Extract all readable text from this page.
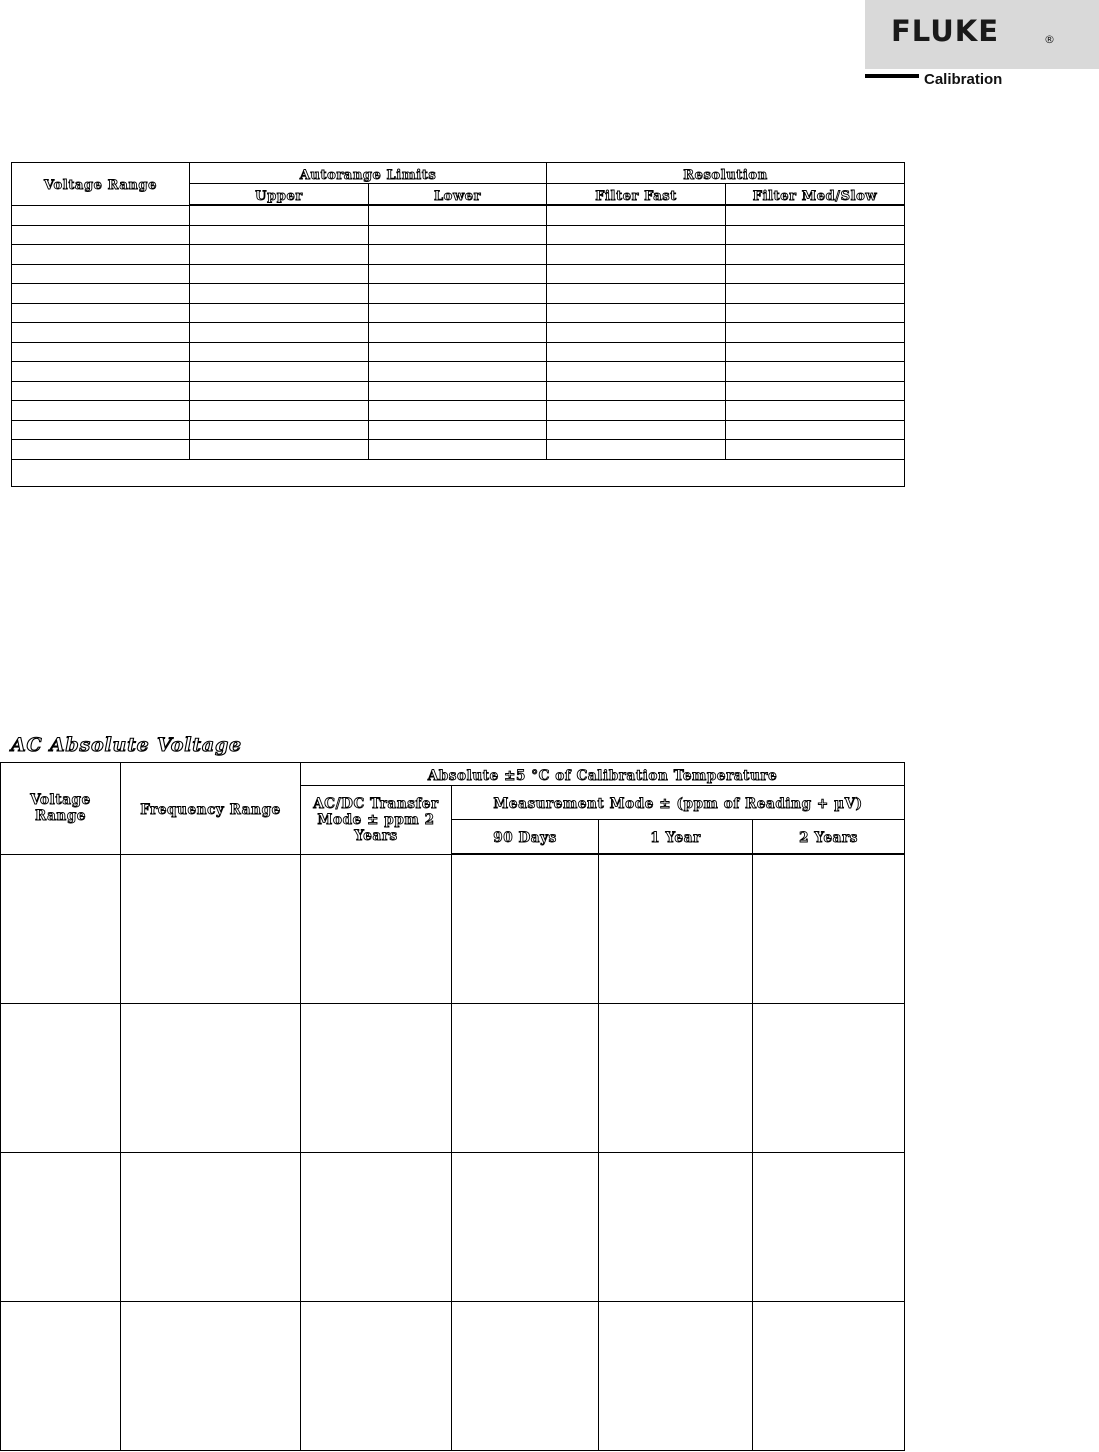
FLUKE	®
Calibration
Voltage Range	Autorange Limits		Resolution	
	Upper	Lower	Filter Fast	Filter Med/Slow

AC Absolute Voltage
Voltage Range	Frequency Range	Absolute ±5 °C of Calibration Temperature			
		AC/DC Transfer Mode ± ppm 2 Years	Measurement Mode ± (ppm of Reading + µV)		
			90 Days	1 Year	2 Years
